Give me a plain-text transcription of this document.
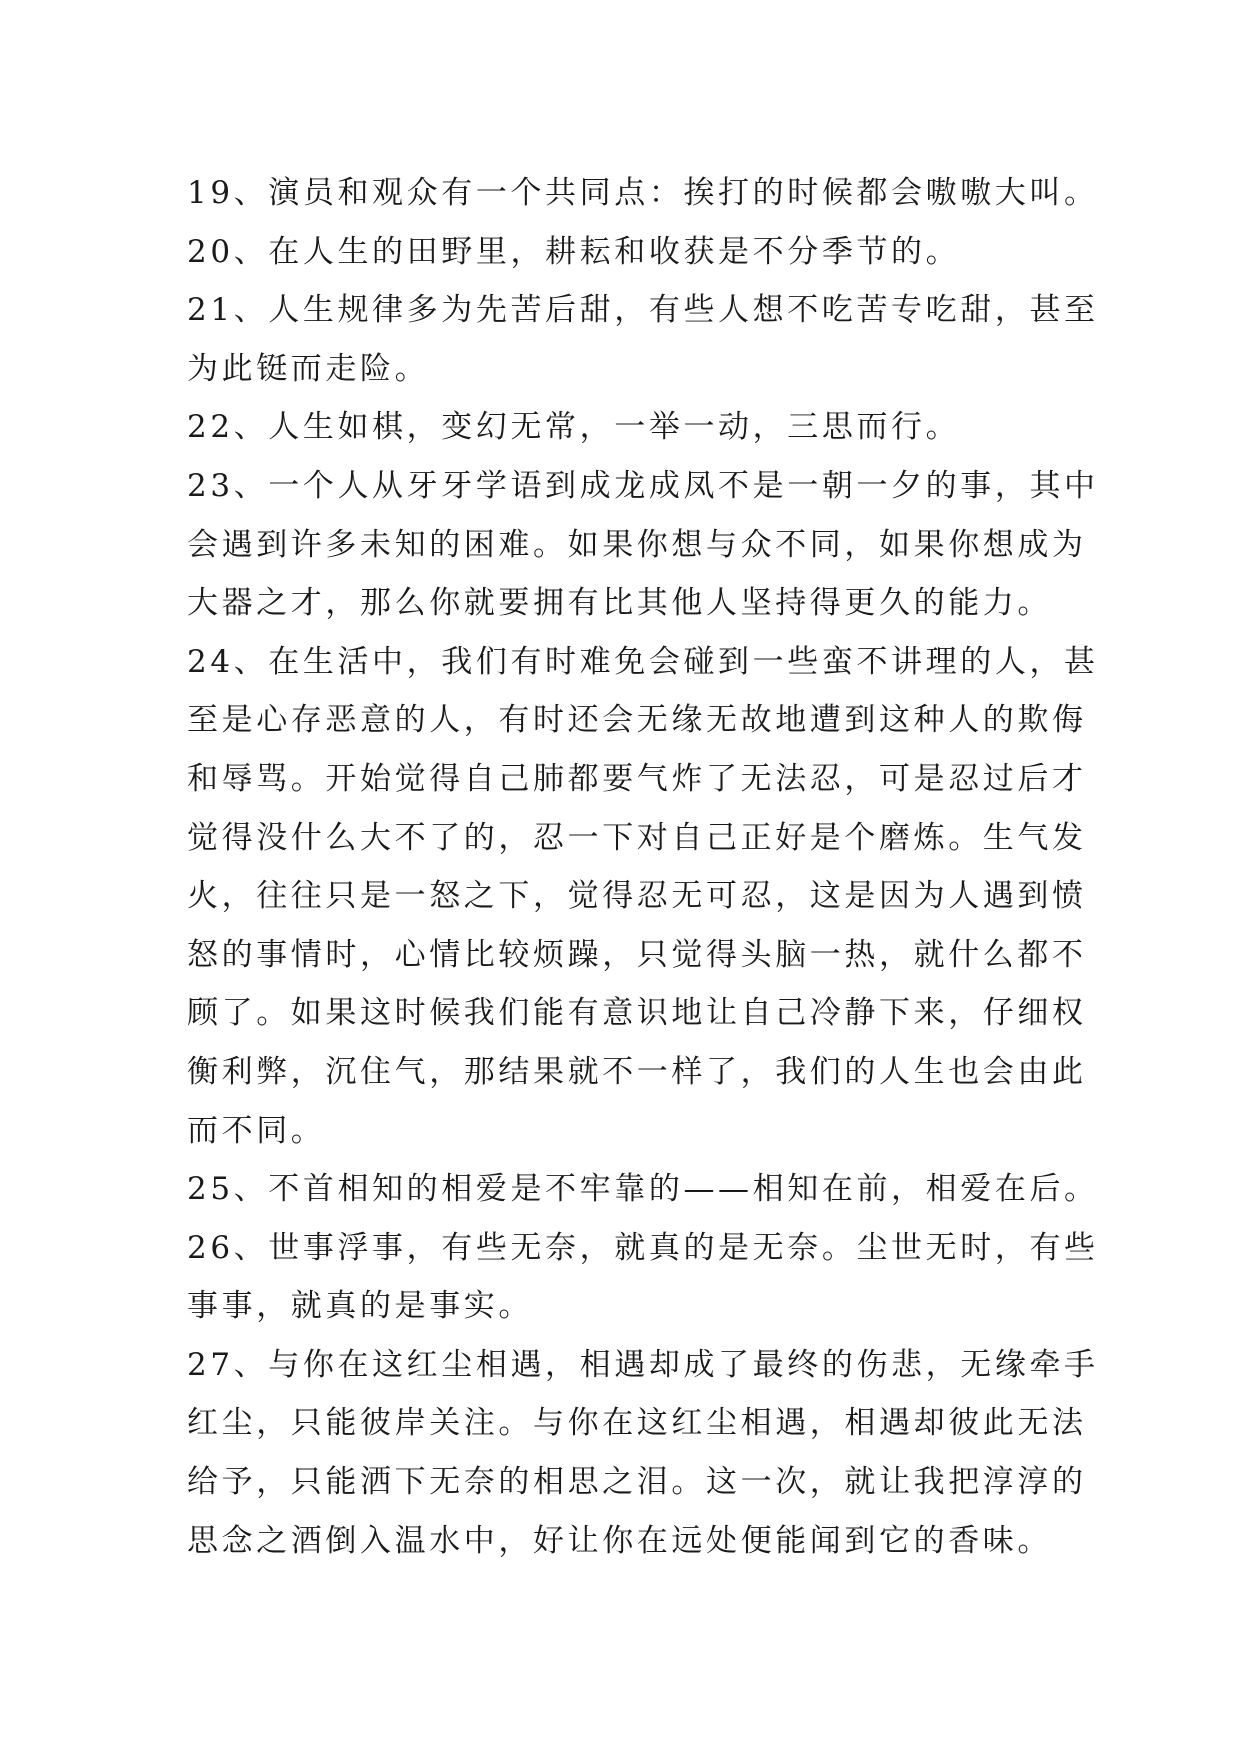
19、演员和观众有一个共同点：挨打的时候都会嗷嗷大叫。
20、在人生的田野里，耕耘和收获是不分季节的。
21、人生规律多为先苦后甜，有些人想不吃苦专吃甜，甚至
为此铤而走险。
22、人生如棋，变幻无常，一举一动，三思而行。
23、一个人从牙牙学语到成龙成凤不是一朝一夕的事，其中
会遇到许多未知的困难。如果你想与众不同，如果你想成为
大器之才，那么你就要拥有比其他人坚持得更久的能力。
24、在生活中，我们有时难免会碰到一些蛮不讲理的人，甚
至是心存恶意的人，有时还会无缘无故地遭到这种人的欺侮
和辱骂。开始觉得自己肺都要气炸了无法忍，可是忍过后才
觉得没什么大不了的，忍一下对自己正好是个磨炼。生气发
火，往往只是一怒之下，觉得忍无可忍，这是因为人遇到愤
怒的事情时，心情比较烦躁，只觉得头脑一热，就什么都不
顾了。如果这时候我们能有意识地让自己冷静下来，仔细权
衡利弊，沉住气，那结果就不一样了，我们的人生也会由此
而不同。
25、不首相知的相爱是不牢靠的——相知在前，相爱在后。
26、世事浮事，有些无奈，就真的是无奈。尘世无时，有些
事事，就真的是事实。
27、与你在这红尘相遇，相遇却成了最终的伤悲，无缘牵手
红尘，只能彼岸关注。与你在这红尘相遇，相遇却彼此无法
给予，只能洒下无奈的相思之泪。这一次，就让我把淳淳的
思念之酒倒入温水中，好让你在远处便能闻到它的香味。
